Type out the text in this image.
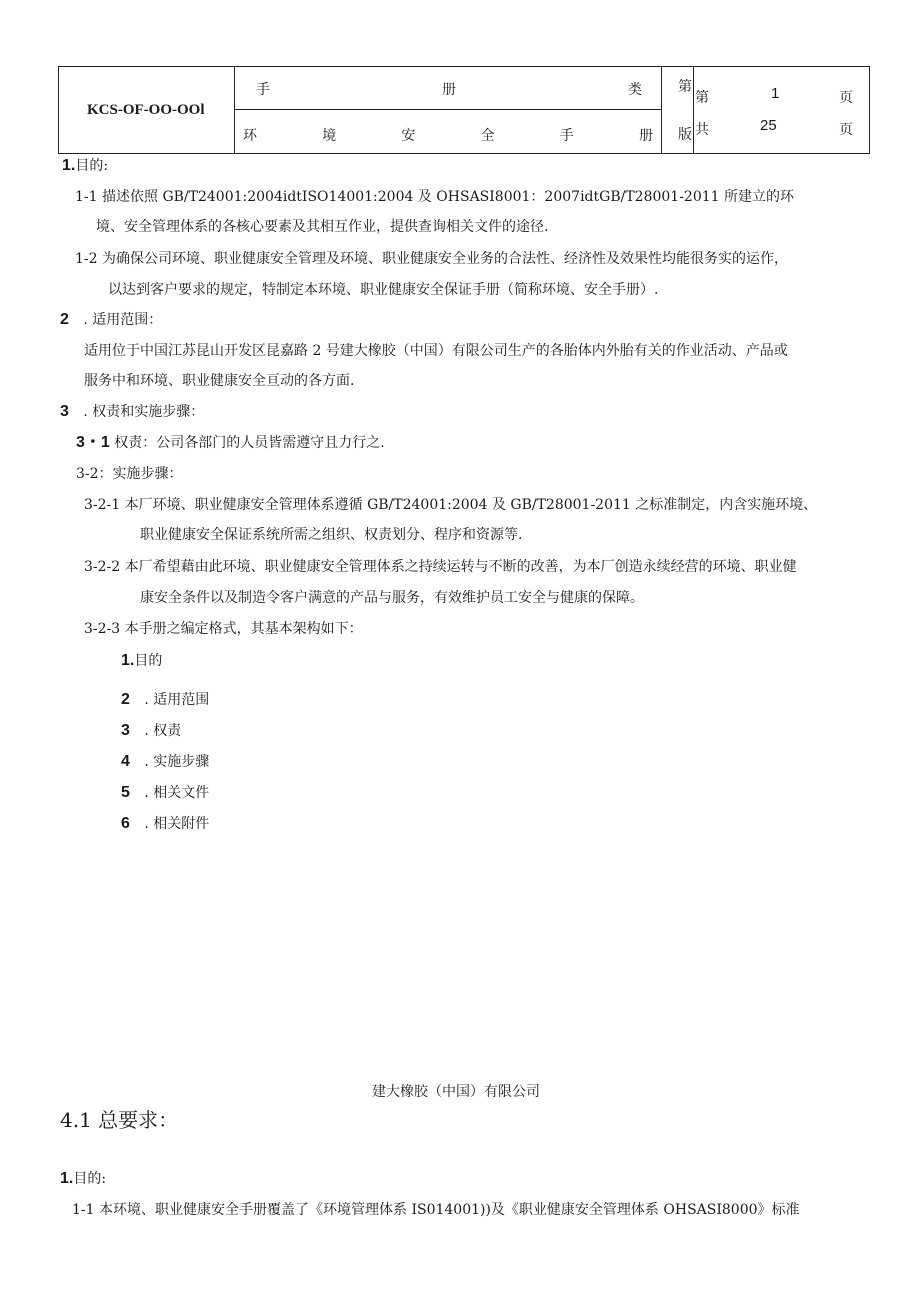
KCS-OF-OO-OOl
手	册	类
环	境	安	全	手	册
第
版
第	1	页
共	25	页
1.目的:
1-1 描述依照 GB/T24001:2004idtISO14001:2004 及 OHSASI8001：2007idtGB/T28001-2011 所建立的环
境、安全管理体系的各核心要素及其相互作业，提供查询相关文件的途径.
1-2 为确保公司环境、职业健康安全管理及环境、职业健康安全业务的合法性、经济性及效果性均能很务实的运作，
以达到客户要求的规定，特制定本环境、职业健康安全保证手册（简称环境、安全手册）.
2 . 适用范围：
适用位于中国江苏昆山开发区昆嘉路 2 号建大橡胶（中国）有限公司生产的各胎体内外胎有关的作业活动、产品或
服务中和环境、职业健康安全亘动的各方面.
3 . 权责和实施步骤：
3・1 权责：公司各部门的人员皆需遵守且力行之.
3-2：实施步骤：
3-2-1 本厂环境、职业健康安全管理体系遵循 GB/T24001:2004 及 GB/T28001-2011 之标准制定，内含实施环境、
职业健康安全保证系统所需之组织、权责划分、程序和资源等.
3-2-2 本厂希望藉由此环境、职业健康安全管理体系之持续运转与不断的改善，为本厂创造永续经营的环境、职业健
康安全条件以及制造令客户满意的产品与服务，有效维护员工安全与健康的保障。
3-2-3 本手册之编定格式，其基本架构如下：
1.目的
2 . 适用范围
3 . 权责
4 . 实施步骤
5 . 相关文件
6 . 相关附件
建大橡胶（中国）有限公司
4.1 总要求：
1.目的:
1-1 本环境、职业健康安全手册覆盖了《环境管理体系 IS014001))及《职业健康安全管理体系 OHSASI8000》标准
